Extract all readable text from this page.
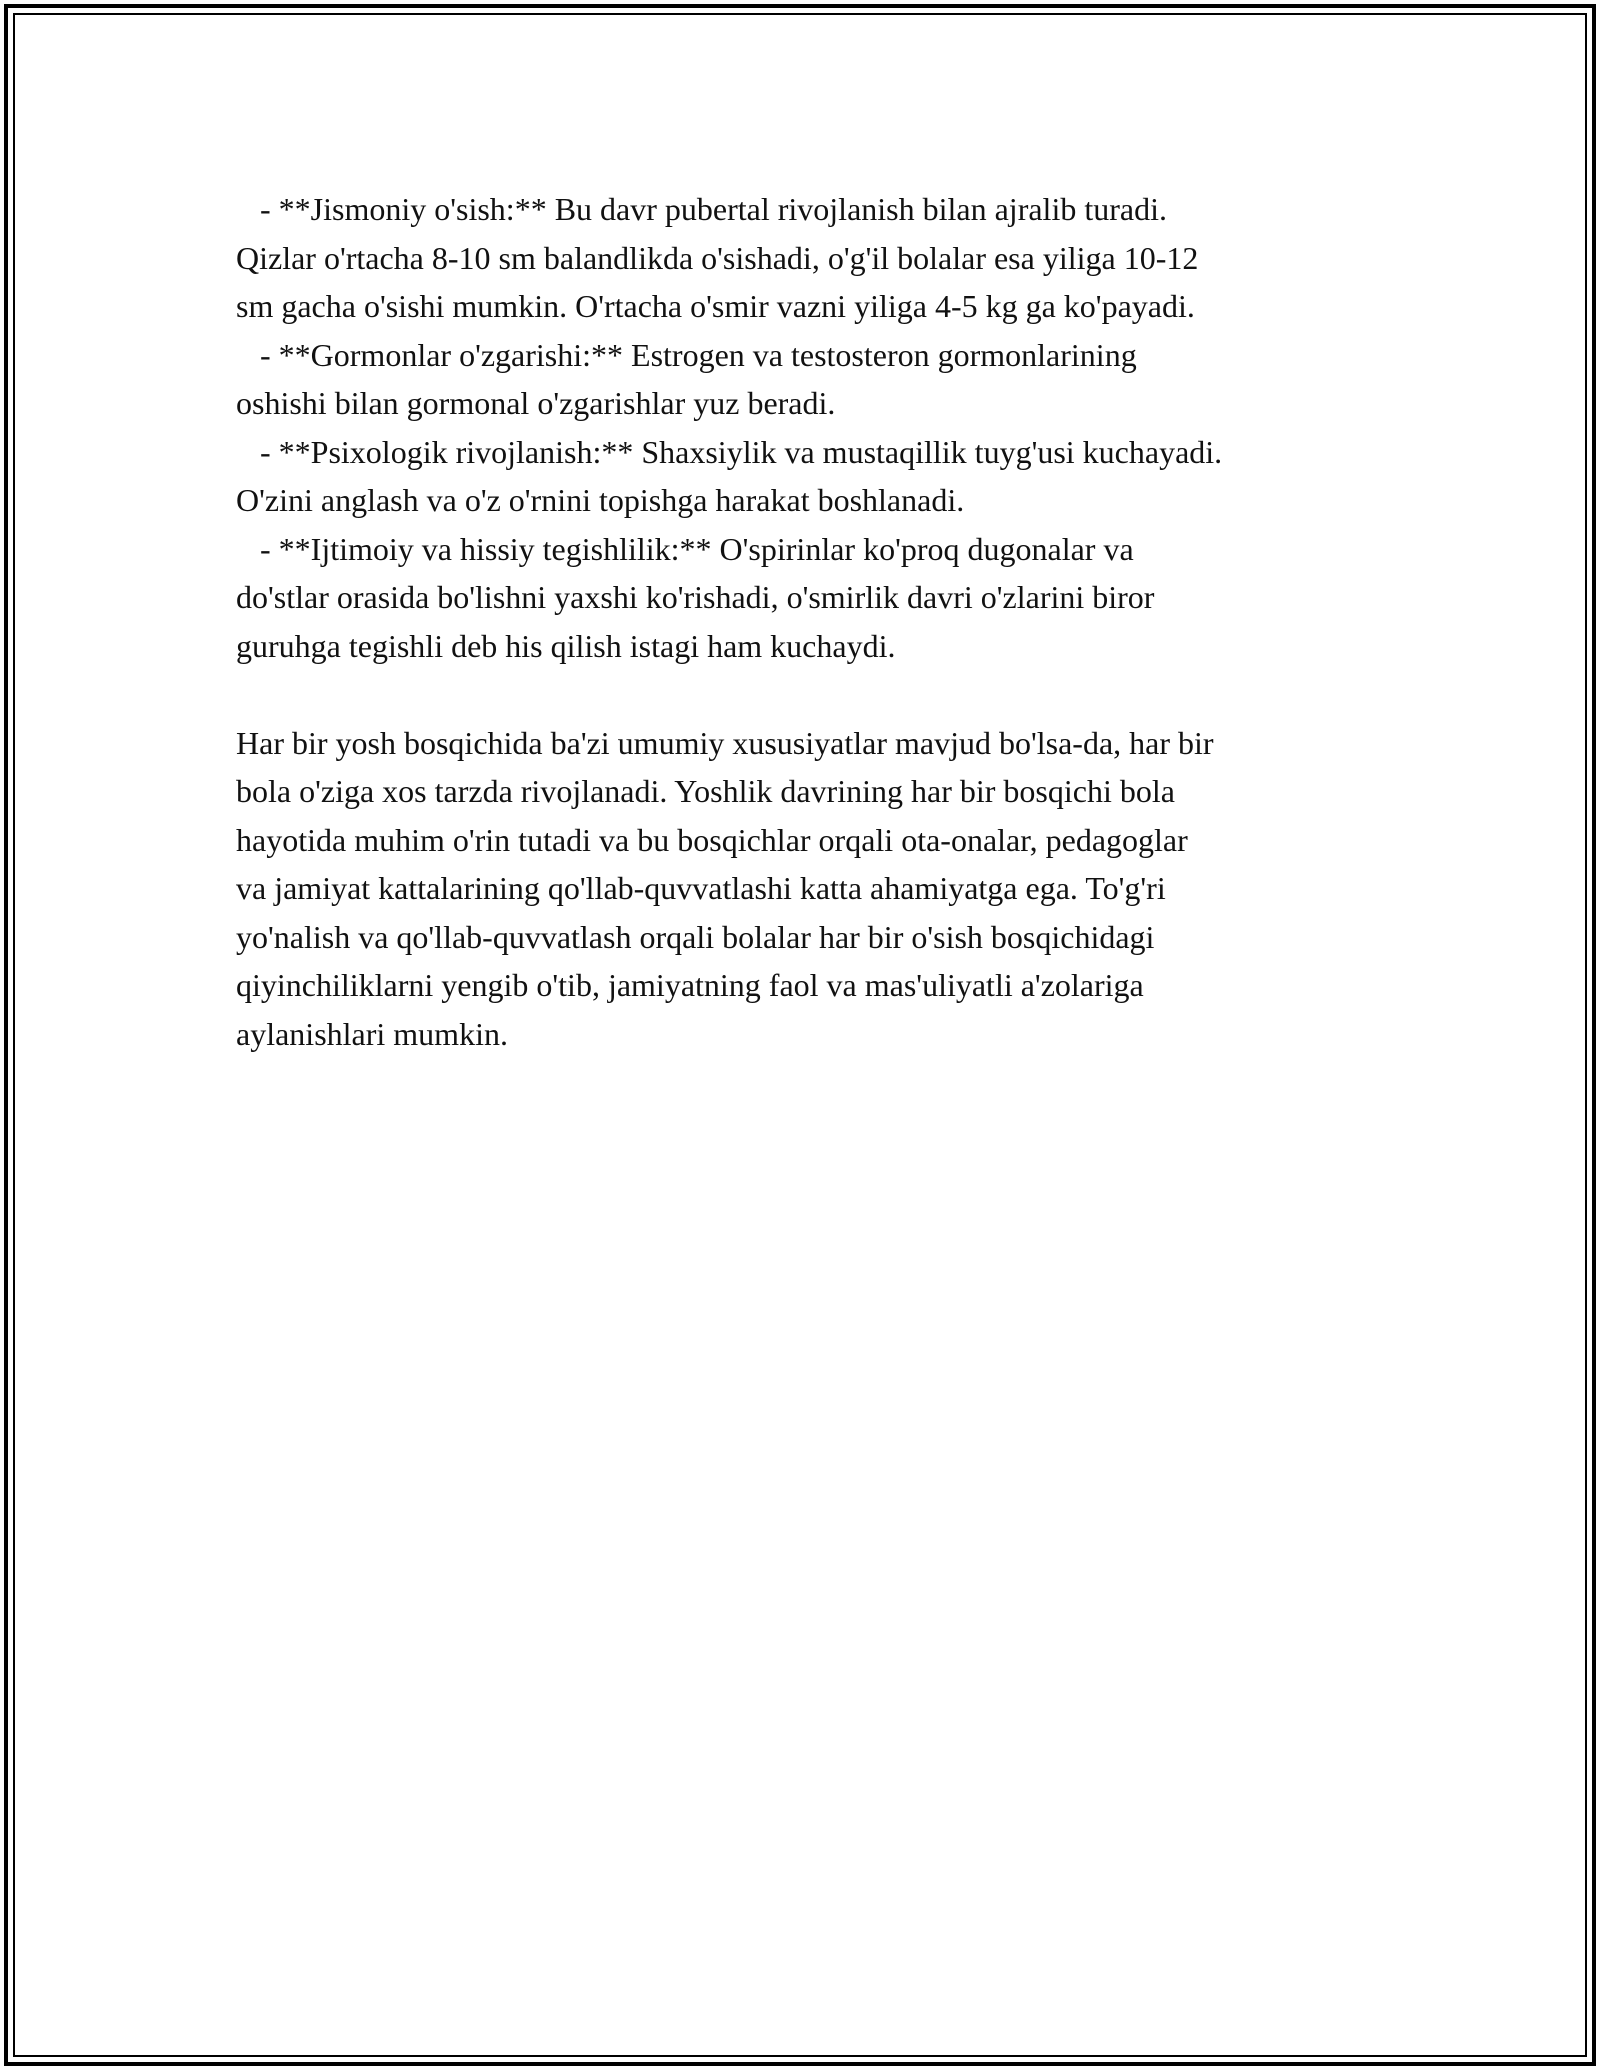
- **Jismoniy o'sish:** Bu davr pubertal rivojlanish bilan ajralib turadi.
Qizlar o'rtacha 8-10 sm balandlikda o'sishadi, o'g'il bolalar esa yiliga 10-12
sm gacha o'sishi mumkin. O'rtacha o'smir vazni yiliga 4-5 kg ga ko'payadi.
- **Gormonlar o'zgarishi:** Estrogen va testosteron gormonlarining
oshishi bilan gormonal o'zgarishlar yuz beradi.
- **Psixologik rivojlanish:** Shaxsiylik va mustaqillik tuyg'usi kuchayadi.
O'zini anglash va o'z o'rnini topishga harakat boshlanadi.
- **Ijtimoiy va hissiy tegishlilik:** O'spirinlar ko'proq dugonalar va
do'stlar orasida bo'lishni yaxshi ko'rishadi, o'smirlik davri o'zlarini biror
guruhga tegishli deb his qilish istagi ham kuchaydi.
Har bir yosh bosqichida ba'zi umumiy xususiyatlar mavjud bo'lsa-da, har bir
bola o'ziga xos tarzda rivojlanadi. Yoshlik davrining har bir bosqichi bola
hayotida muhim o'rin tutadi va bu bosqichlar orqali ota-onalar, pedagoglar
va jamiyat kattalarining qo'llab-quvvatlashi katta ahamiyatga ega. To'g'ri
yo'nalish va qo'llab-quvvatlash orqali bolalar har bir o'sish bosqichidagi
qiyinchiliklarni yengib o'tib, jamiyatning faol va mas'uliyatli a'zolariga
aylanishlari mumkin.
